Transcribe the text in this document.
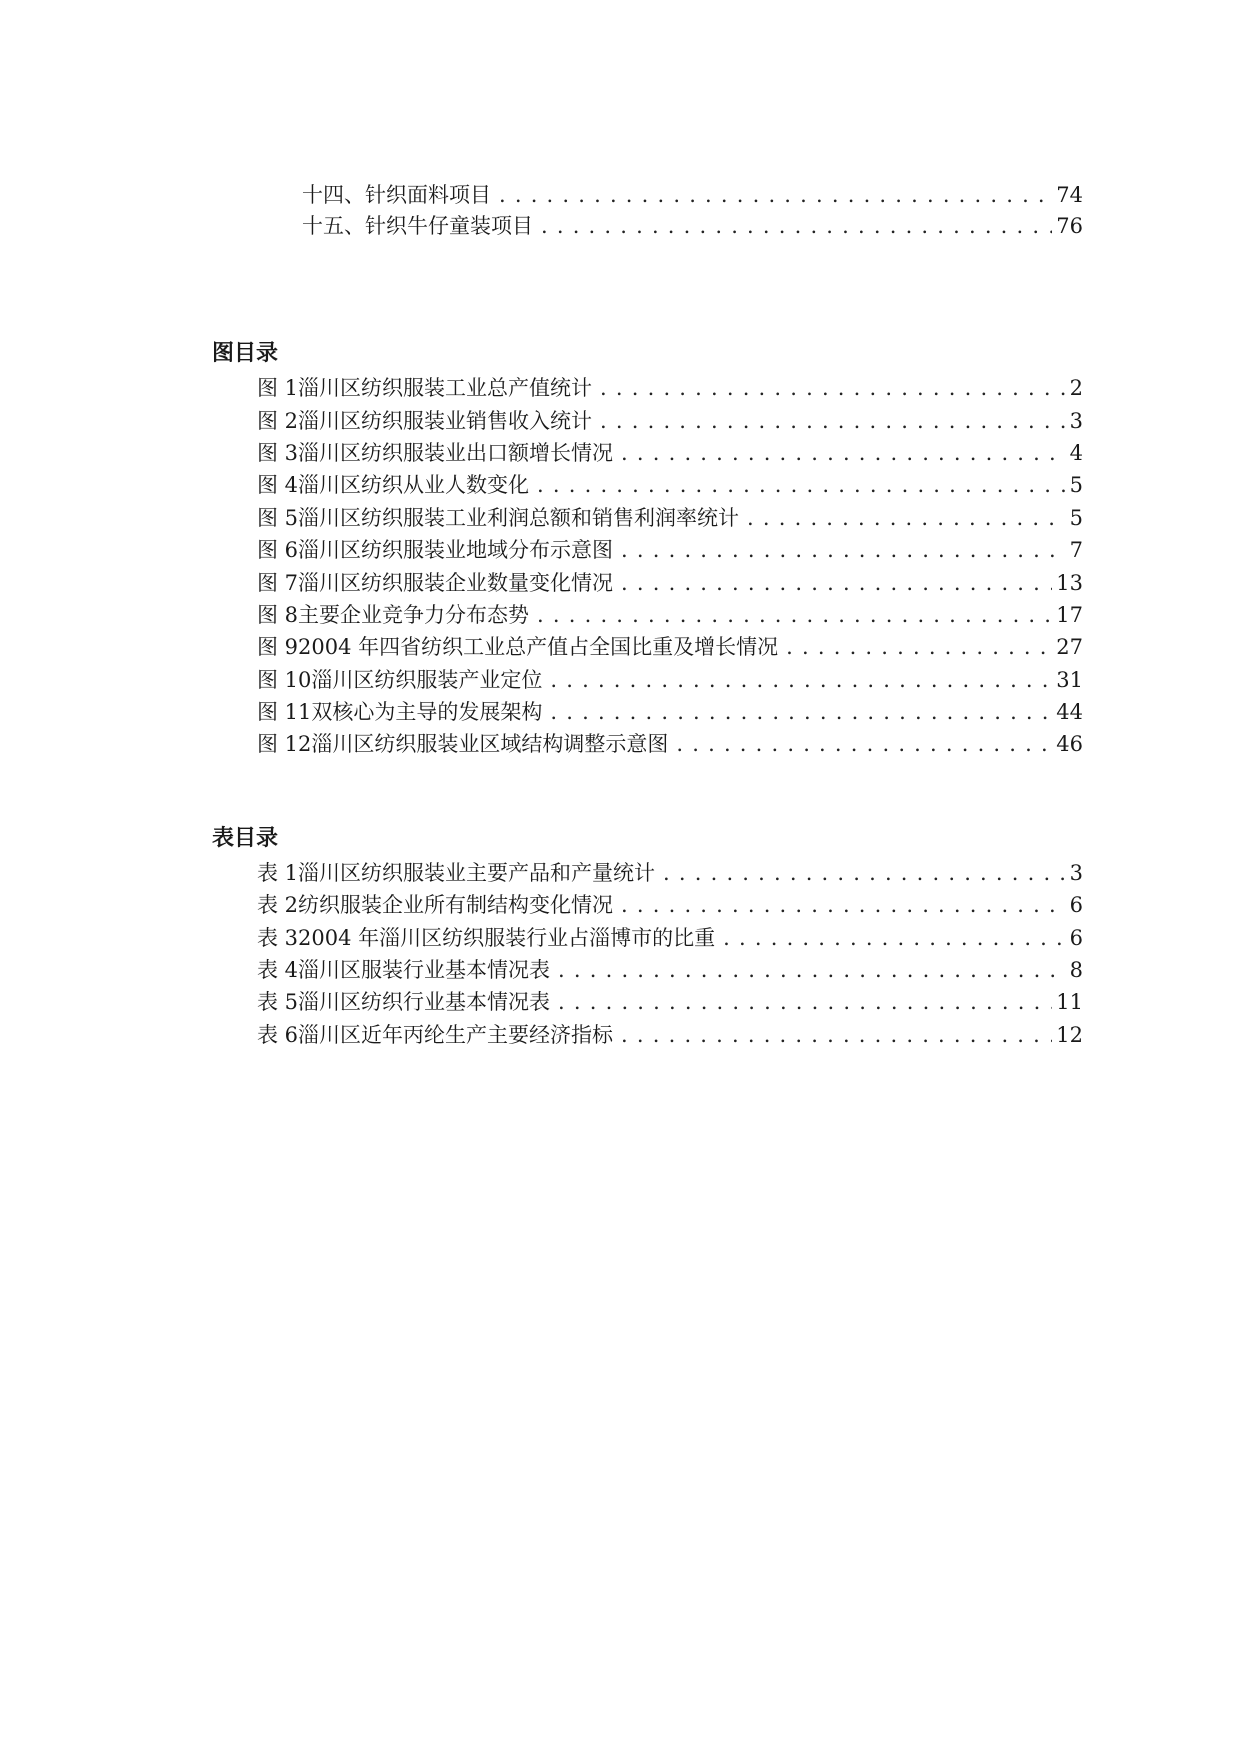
十四、 针织面料项目 . . .	74
十五、 针织牛仔童装项目 . . .	76
图目录
图 1 淄川区纺织服装工业总产值统计 . . .	2
图 2 淄川区纺织服装业销售收入统计 . . .	3
图 3 淄川区纺织服装业出口额增长情况 . . .	4
图 4 淄川区纺织从业人数变化 . . .	5
图 5 淄川区纺织服装工业利润总额和销售利润率统计 . . .	5
图 6 淄川区纺织服装业地域分布示意图 . . .	7
图 7 淄川区纺织服装企业数量变化情况 . . .	13
图 8 主要企业竞争力分布态势 . . .	17
图 9 2004 年四省纺织工业总产值占全国比重及增长情况 . . .	27
图 10 淄川区纺织服装产业定位 . . .	31
图 11 双核心为主导的发展架构 . . .	44
图 12 淄川区纺织服装业区域结构调整示意图 . . .	46
表目录
表 1 淄川区纺织服装业主要产品和产量统计 . . .	3
表 2 纺织服装企业所有制结构变化情况 . . .	6
表 3 2004 年淄川区纺织服装行业占淄博市的比重 . . .	6
表 4 淄川区服装行业基本情况表 . . .	8
表 5 淄川区纺织行业基本情况表 . . .	11
表 6 淄川区近年丙纶生产主要经济指标 . . .	12
